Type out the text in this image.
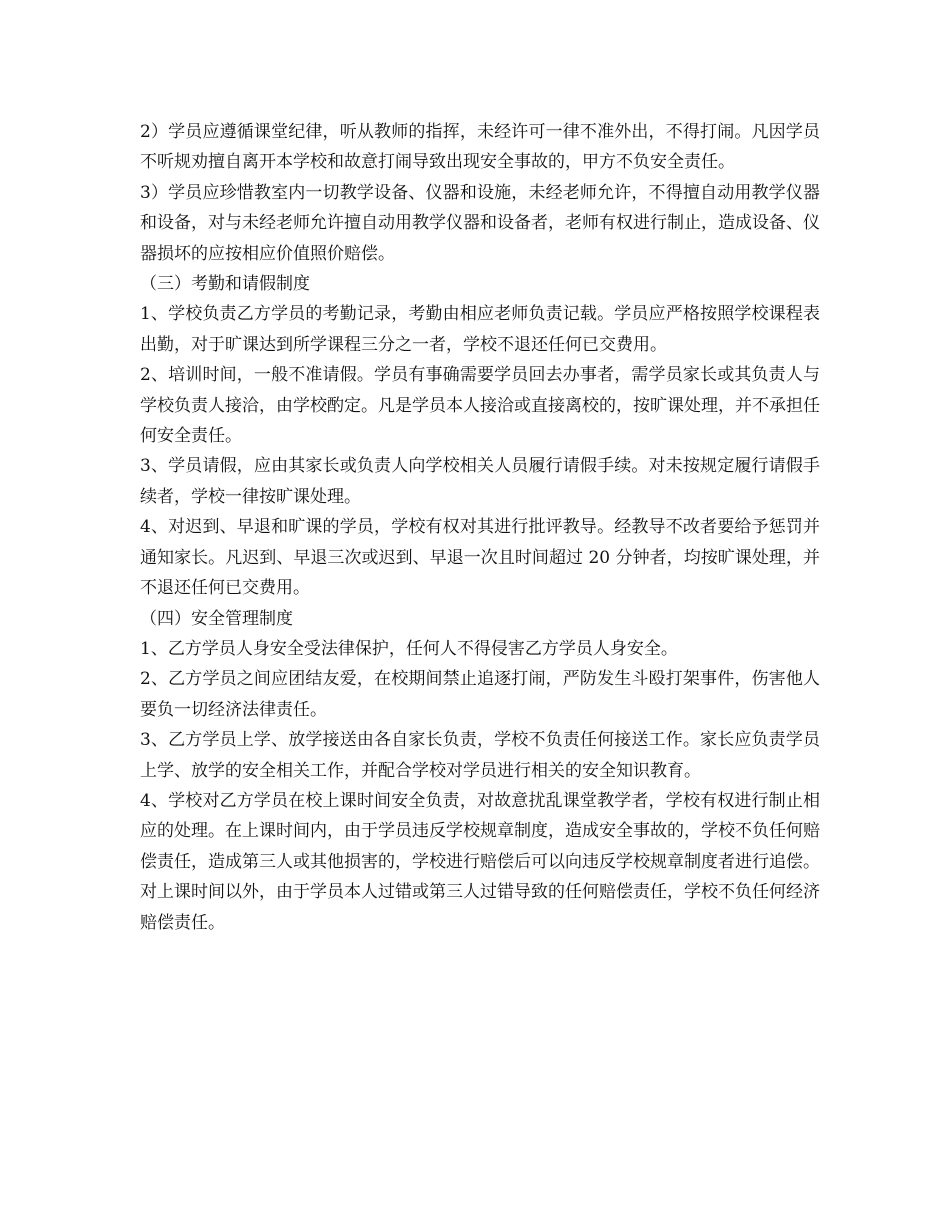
2）学员应遵循课堂纪律，听从教师的指挥，未经许可一律不准外出，不得打闹。凡因学员不听规劝擅自离开本学校和故意打闹导致出现安全事故的，甲方不负安全责任。

3）学员应珍惜教室内一切教学设备、仪器和设施，未经老师允许，不得擅自动用教学仪器和设备，对与未经老师允许擅自动用教学仪器和设备者，老师有权进行制止，造成设备、仪器损坏的应按相应价值照价赔偿。

（三）考勤和请假制度

1、学校负责乙方学员的考勤记录，考勤由相应老师负责记载。学员应严格按照学校课程表出勤，对于旷课达到所学课程三分之一者，学校不退还任何已交费用。

2、培训时间，一般不准请假。学员有事确需要学员回去办事者，需学员家长或其负责人与学校负责人接洽，由学校酌定。凡是学员本人接洽或直接离校的，按旷课处理，并不承担任何安全责任。

3、学员请假，应由其家长或负责人向学校相关人员履行请假手续。对未按规定履行请假手续者，学校一律按旷课处理。

4、对迟到、早退和旷课的学员，学校有权对其进行批评教导。经教导不改者要给予惩罚并通知家长。凡迟到、早退三次或迟到、早退一次且时间超过 20 分钟者，均按旷课处理，并不退还任何已交费用。

（四）安全管理制度

1、乙方学员人身安全受法律保护，任何人不得侵害乙方学员人身安全。

2、乙方学员之间应团结友爱，在校期间禁止追逐打闹，严防发生斗殴打架事件，伤害他人要负一切经济法律责任。

3、乙方学员上学、放学接送由各自家长负责，学校不负责任何接送工作。家长应负责学员上学、放学的安全相关工作，并配合学校对学员进行相关的安全知识教育。

4、学校对乙方学员在校上课时间安全负责，对故意扰乱课堂教学者，学校有权进行制止相应的处理。在上课时间内，由于学员违反学校规章制度，造成安全事故的，学校不负任何赔偿责任，造成第三人或其他损害的，学校进行赔偿后可以向违反学校规章制度者进行追偿。对上课时间以外，由于学员本人过错或第三人过错导致的任何赔偿责任，学校不负任何经济赔偿责任。
